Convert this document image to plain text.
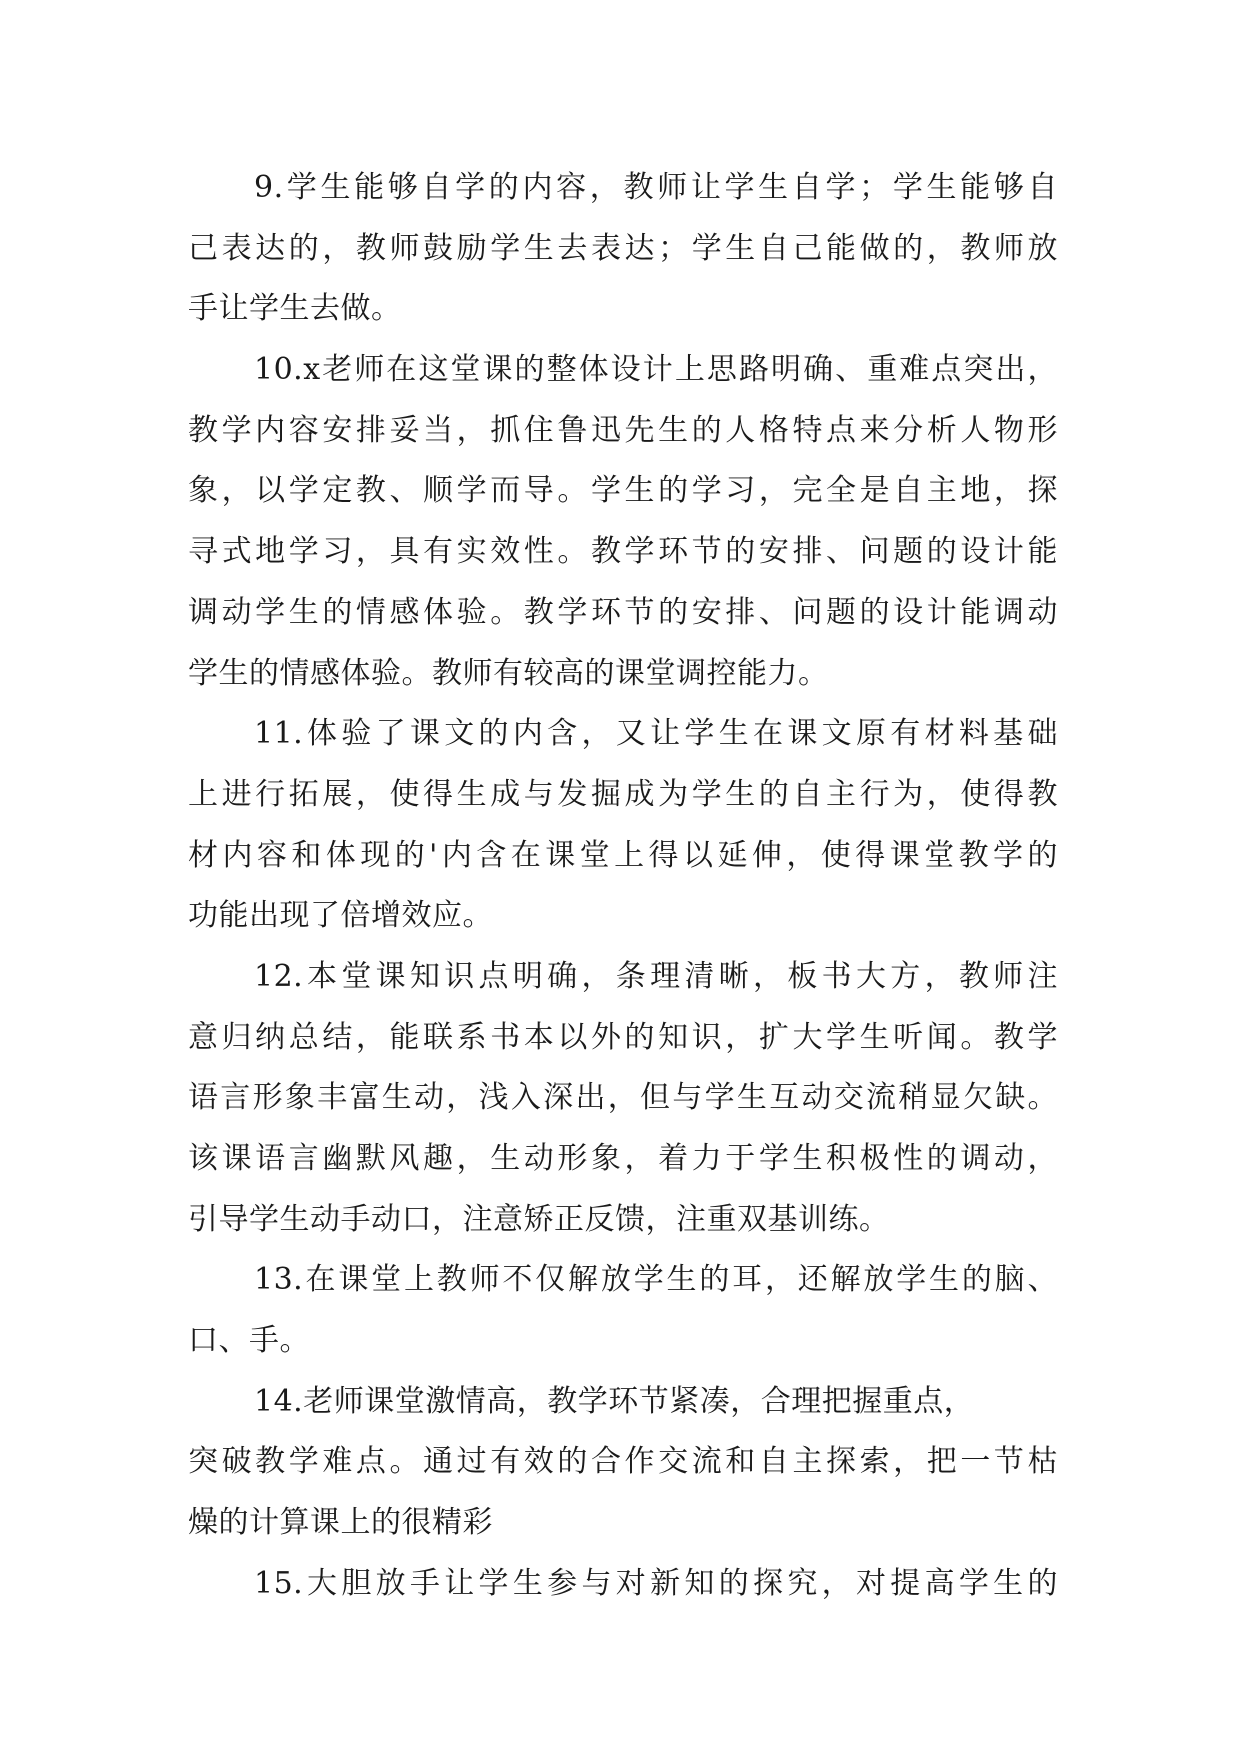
9.学生能够自学的内容，教师让学生自学；学生能够自
己表达的，教师鼓励学生去表达；学生自己能做的，教师放
手让学生去做。
10.x老师在这堂课的整体设计上思路明确、重难点突出，
教学内容安排妥当，抓住鲁迅先生的人格特点来分析人物形
象，以学定教、顺学而导。学生的学习，完全是自主地，探
寻式地学习，具有实效性。教学环节的安排、问题的设计能
调动学生的情感体验。教学环节的安排、问题的设计能调动
学生的情感体验。教师有较高的课堂调控能力。
11.体验了课文的内含，又让学生在课文原有材料基础
上进行拓展，使得生成与发掘成为学生的自主行为，使得教
材内容和体现的'内含在课堂上得以延伸，使得课堂教学的
功能出现了倍增效应。
12.本堂课知识点明确，条理清晰，板书大方，教师注
意归纳总结，能联系书本以外的知识，扩大学生听闻。教学
语言形象丰富生动，浅入深出，但与学生互动交流稍显欠缺。
该课语言幽默风趣，生动形象，着力于学生积极性的调动，
引导学生动手动口，注意矫正反馈，注重双基训练。
13.在课堂上教师不仅解放学生的耳，还解放学生的脑、
口、手。
14.老师课堂激情高，教学环节紧凑，合理把握重点，
突破教学难点。通过有效的合作交流和自主探索，把一节枯
燥的计算课上的很精彩
15.大胆放手让学生参与对新知的探究，对提高学生的
